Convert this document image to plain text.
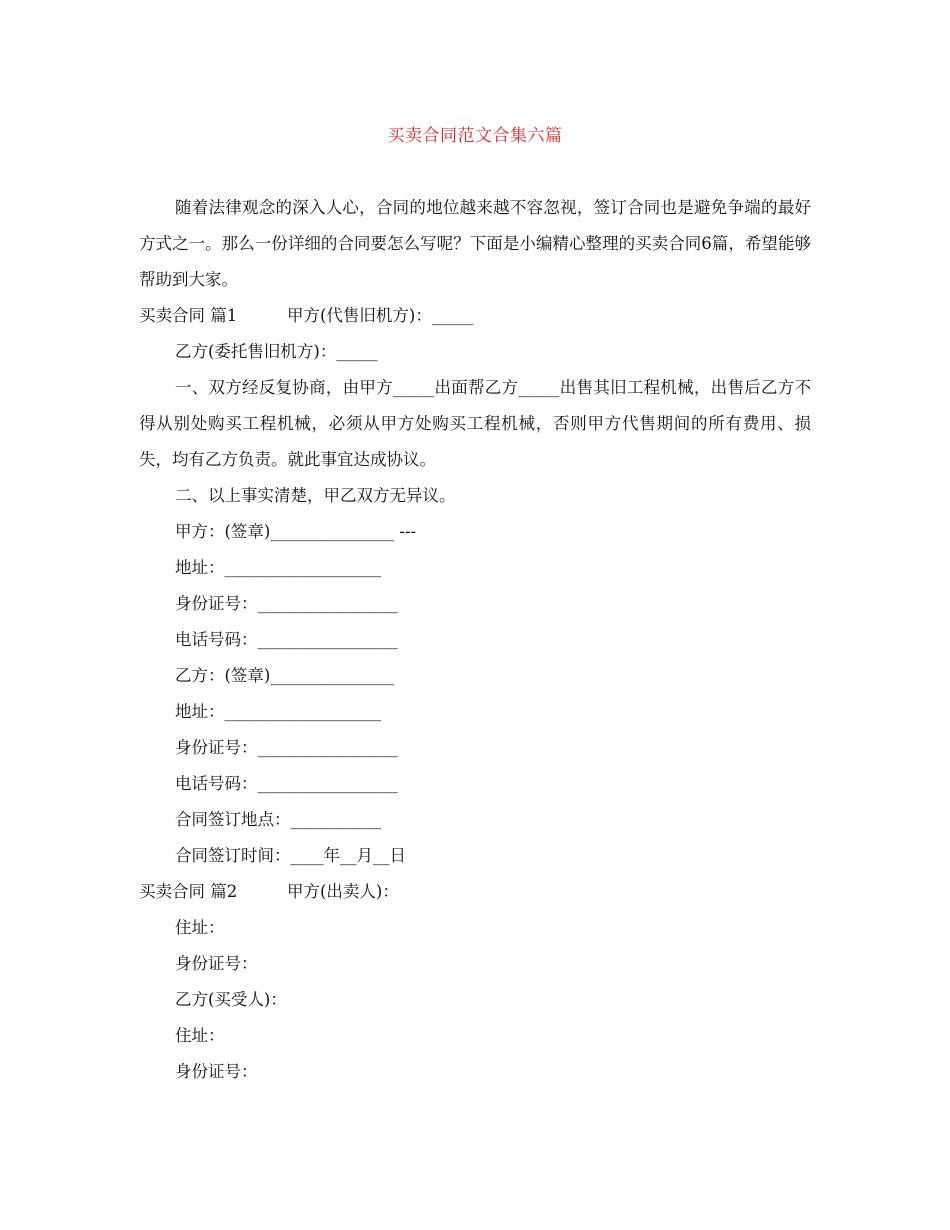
买卖合同范文合集六篇

随着法律观念的深入人心，合同的地位越来越不容忽视，签订合同也是避免争端的最好方式之一。那么一份详细的合同要怎么写呢？下面是小编精心整理的买卖合同6篇，希望能够帮助到大家。

买卖合同 篇1	甲方(代售旧机方)：_____
乙方(委托售旧机方)：_____

一、双方经反复协商，由甲方_____出面帮乙方_____出售其旧工程机械，出售后乙方不得从别处购买工程机械，必须从甲方处购买工程机械，否则甲方代售期间的所有费用、损失，均有乙方负责。就此事宜达成协议。

二、以上事实清楚，甲乙双方无异议。
甲方：(签章)_______________ ---
地址：___________________
身份证号：_________________
电话号码：_________________
乙方：(签章)_______________
地址：___________________
身份证号：_________________
电话号码：_________________
合同签订地点：___________
合同签订时间：____年__月__日
买卖合同 篇2	甲方(出卖人)：
住址：
身份证号：
乙方(买受人)：
住址：
身份证号：
